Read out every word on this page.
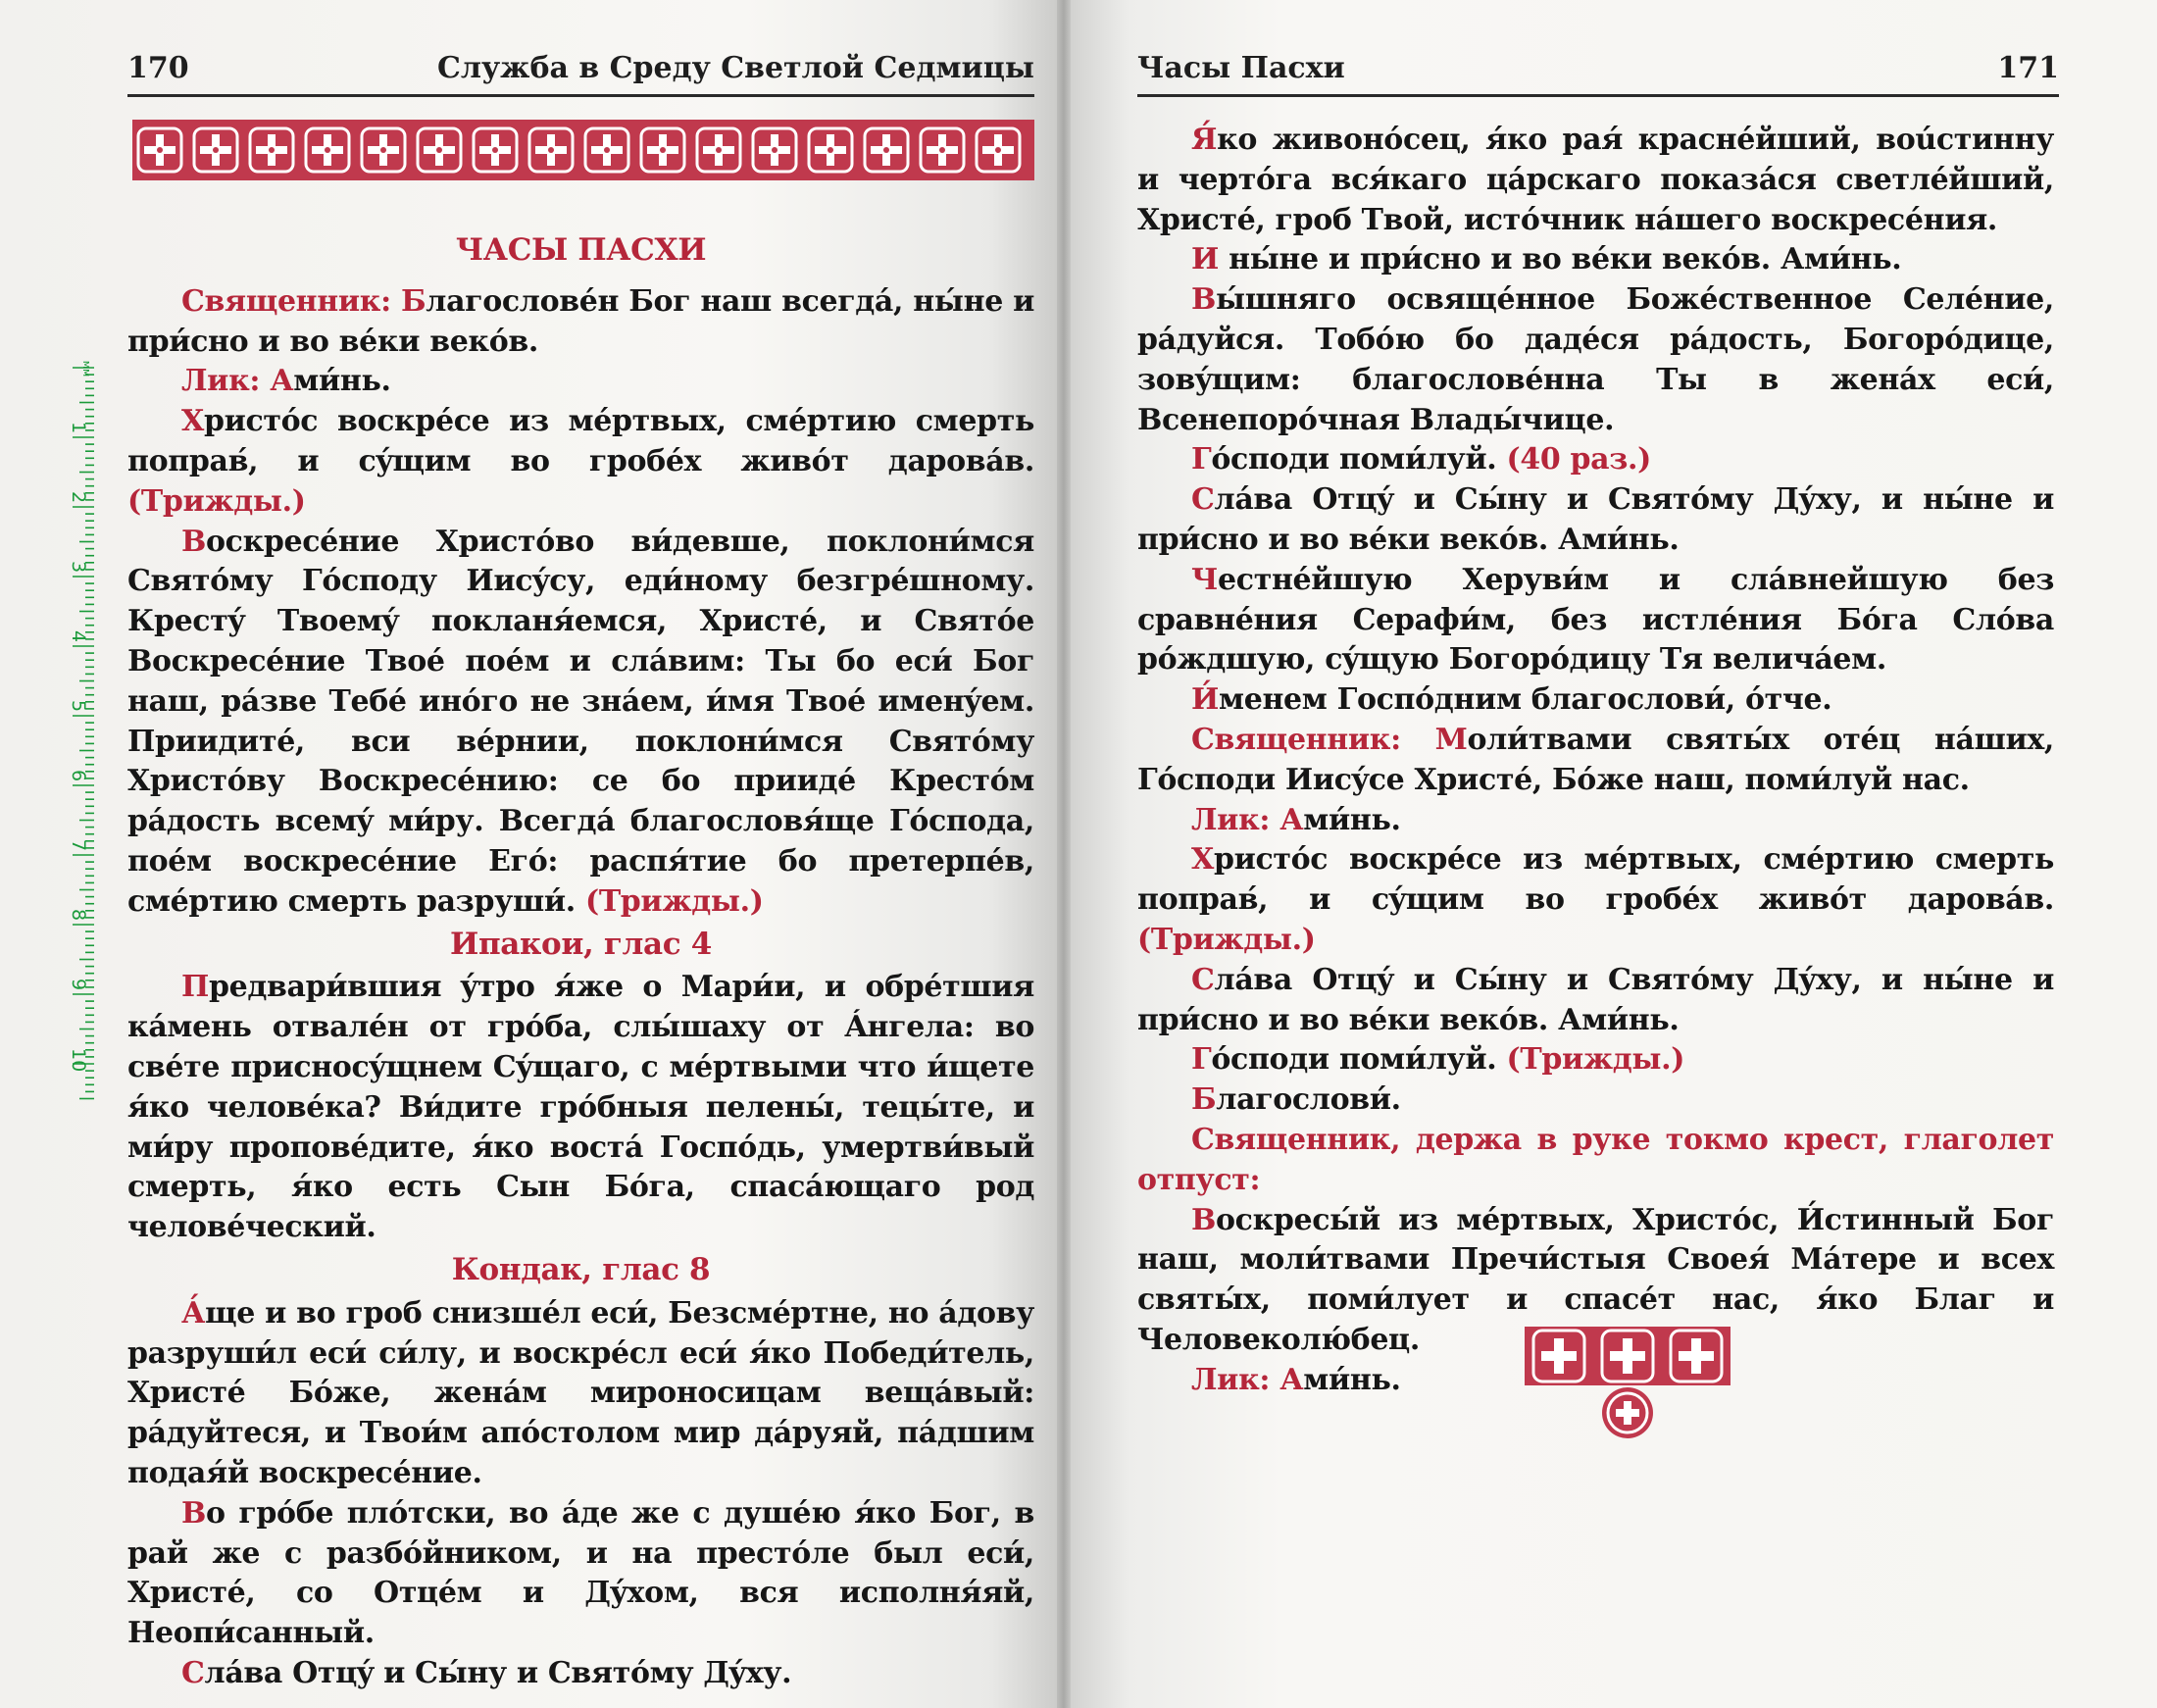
170	Служба в Среду Светлой Седмицы
мм
1
2
3
4
5
6
7
8
9
10

ЧАСЫ ПАСХИ

Священник: Благословéн Бог наш всегдá, ны́не и при́сно и во вéки векóв.

Лик: Ами́нь.

Христóс воскрéсе из мéртвых, смéртию смерть поправ́, и сýщим во гробéх живóт даровáв. (Трижды.)

Воскресéние Христóво ви́девше, поклони́мся Святóму Гóсподу Иисýсу, еди́ному безгрéшному. Крестý Твоемý покланя́емся, Христé, и Святóе Воскресéние Твоé поéм и слáвим: Ты бо еси́ Бог наш, рáзве Тебé инóго не знáем, и́мя Твоé именýем. Приидитé, вси вéрнии, поклони́мся Святóму Христóву Воскресéнию: се бо приидé Крестóм рáдость всемý ми́ру. Всегдá благословя́ще Гóспода, поéм воскресéние Егó: распя́тие бо претерпéв, смéртию смерть разруши́. (Трижды.)

Ипакои, глас 4

Предвари́вшия ýтро я́же о Мари́и, и обрéтшия кáмень отвалéн от грóба, слы́шаху от Áнгела: во свéте присносýщнем Сýщаго, с мéртвыми что и́щете я́ко человéка? Ви́дите грóбныя пелены́, тецы́те, и ми́ру проповéдите, я́ко востá Госпóдь, умертви́вый смерть, я́ко есть Сын Бóга, спасáющаго род человéческий.

Кондак, глас 8

А́ще и во гроб снизшéл еси́, Безсмéртне, но áдову разруши́л еси́ си́лу, и воскрéсл еси́ я́ко Победи́тель, Христé Бóже, женáм мироносицам вещáвый: рáдуйтеся, и Твои́м апóстолом мир дáруяй, пáдшим подая́й воскресéние.

Во грóбе плóтски, во áде же с душéю я́ко Бог, в рай же с разбóйником, и на престóле был еси́, Христé, со Отцéм и Дýхом, вся исполня́яй, Неопи́санный.

Слáва Отцý и Сы́ну и Святóму Дýху.

Часы Пасхи	171

Я́ко живонóсец, я́ко рая́ краснéйший, воúстинну и чертóга вся́каго цáрскаго показáся светлéйший, Христé, гроб Твой, истóчник нáшего воскресéния.

И ны́не и при́сно и во вéки векóв. Ами́нь.

Вы́шняго освящéнное Божéственное Селéние, рáдуйся. Тобóю бо дадéся рáдость, Богорóдице, зовýщим: благословéнна Ты в женáх еси́, Всенепорóчная Влады́чице.

Гóсподи поми́луй. (40 раз.)

Слáва Отцý и Сы́ну и Святóму Дýху, и ны́не и при́сно и во вéки векóв. Ами́нь.

Честнéйшую Херуви́м и слáвнейшую без сравнéния Серафи́м, без истлéния Бóга Слóва рóждшую, сýщую Богорóдицу Тя величáем.

И́менем Госпóдним благослови́, óтче.

Священник: Моли́твами святы́х отéц нáших, Гóсподи Иисýсе Христé, Бóже наш, поми́луй нас.

Лик: Ами́нь.

Христóс воскрéсе из мéртвых, смéртию смерть поправ́, и сýщим во гробéх живóт даровáв. (Трижды.)

Слáва Отцý и Сы́ну и Святóму Дýху, и ны́не и при́сно и во вéки векóв. Ами́нь.

Гóсподи поми́луй. (Трижды.)

Благослови́.

Священник, держа в руке токмо крест, глаголет отпуст:

Воскресы́й из мéртвых, Христóс, И́стинный Бог наш, моли́твами Пречи́стыя Своея́ Мáтере и всех святы́х, поми́лует и спасéт нас, я́ко Благ и Человеколю́бец.

Лик: Ами́нь.
